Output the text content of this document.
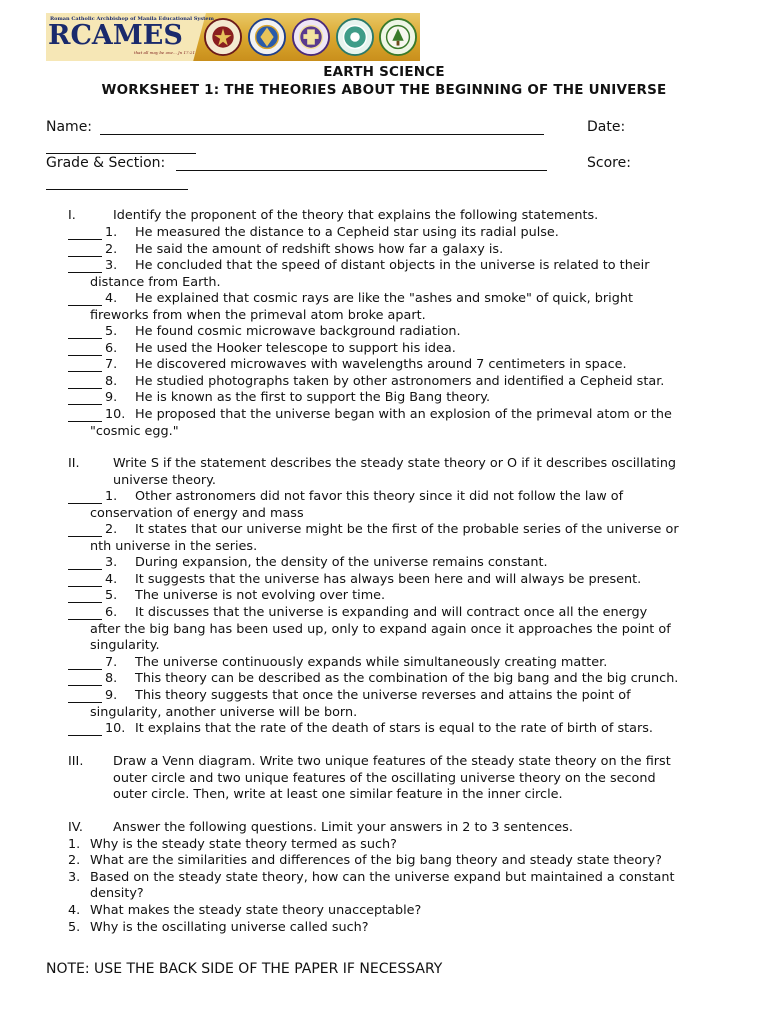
Roman Catholic Archbishop of Manila Educational System
RCAMES
that all may be one... Jn 17:21
EARTH SCIENCE
WORKSHEET 1: THE THEORIES ABOUT THE BEGINNING OF THE UNIVERSE
Name:	Date:
Grade & Section:	Score:
I.	Identify the proponent of the theory that explains the following statements.
1. He measured the distance to a Cepheid star using its radial pulse.
2. He said the amount of redshift shows how far a galaxy is.
3. He concluded that the speed of distant objects in the universe is related to their
distance from Earth.
4. He explained that cosmic rays are like the "ashes and smoke" of quick, bright
fireworks from when the primeval atom broke apart.
5. He found cosmic microwave background radiation.
6. He used the Hooker telescope to support his idea.
7. He discovered microwaves with wavelengths around 7 centimeters in space.
8. He studied photographs taken by other astronomers and identified a Cepheid star.
9. He is known as the first to support the Big Bang theory.
10. He proposed that the universe began with an explosion of the primeval atom or the
"cosmic egg."
II.	Write S if the statement describes the steady state theory or O if it describes oscillating
universe theory.
1. Other astronomers did not favor this theory since it did not follow the law of
conservation of energy and mass
2. It states that our universe might be the first of the probable series of the universe or
nth universe in the series.
3. During expansion, the density of the universe remains constant.
4. It suggests that the universe has always been here and will always be present.
5. The universe is not evolving over time.
6. It discusses that the universe is expanding and will contract once all the energy
after the big bang has been used up, only to expand again once it approaches the point of
singularity.
7. The universe continuously expands while simultaneously creating matter.
8. This theory can be described as the combination of the big bang and the big crunch.
9. This theory suggests that once the universe reverses and attains the point of
singularity, another universe will be born.
10. It explains that the rate of the death of stars is equal to the rate of birth of stars.
III. Draw a Venn diagram. Write two unique features of the steady state theory on the first
outer circle and two unique features of the oscillating universe theory on the second
outer circle. Then, write at least one similar feature in the inner circle.
IV. Answer the following questions. Limit your answers in 2 to 3 sentences.
1. Why is the steady state theory termed as such?
2. What are the similarities and differences of the big bang theory and steady state theory?
3. Based on the steady state theory, how can the universe expand but maintained a constant
density?
4. What makes the steady state theory unacceptable?
5. Why is the oscillating universe called such?
NOTE: USE THE BACK SIDE OF THE PAPER IF NECESSARY
